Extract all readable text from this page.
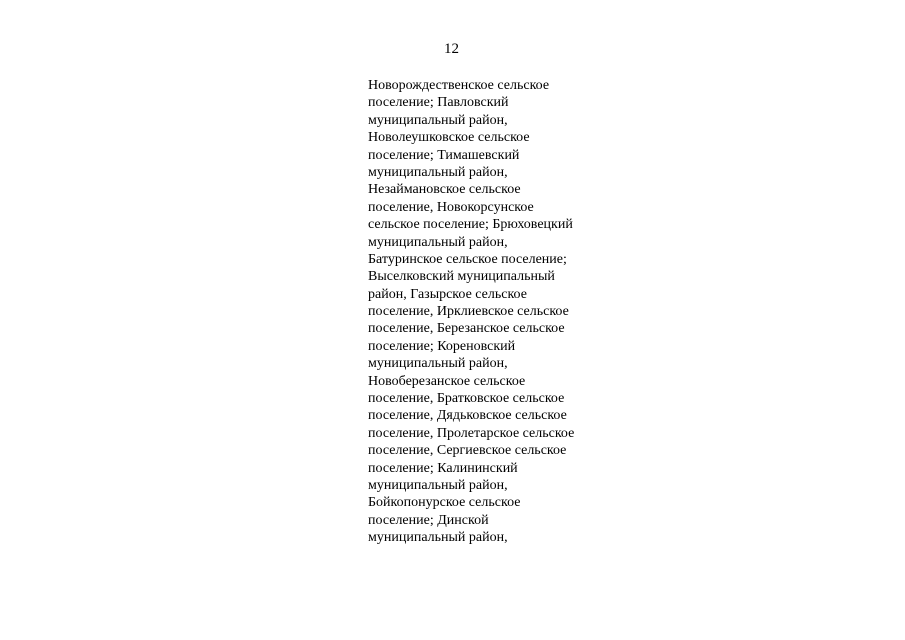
12
Новорождественское сельское
поселение; Павловский
муниципальный район,
Новолеушковское сельское
поселение; Тимашевский
муниципальный район,
Незаймановское сельское
поселение, Новокорсунское
сельское поселение; Брюховецкий
муниципальный район,
Батуринское сельское поселение;
Выселковский муниципальный
район, Газырское сельское
поселение, Ирклиевское сельское
поселение, Березанское сельское
поселение; Кореновский
муниципальный район,
Новоберезанское сельское
поселение, Братковское сельское
поселение, Дядьковское сельское
поселение, Пролетарское сельское
поселение, Сергиевское сельское
поселение; Калининский
муниципальный район,
Бойкопонурское сельское
поселение; Динской
муниципальный район,
